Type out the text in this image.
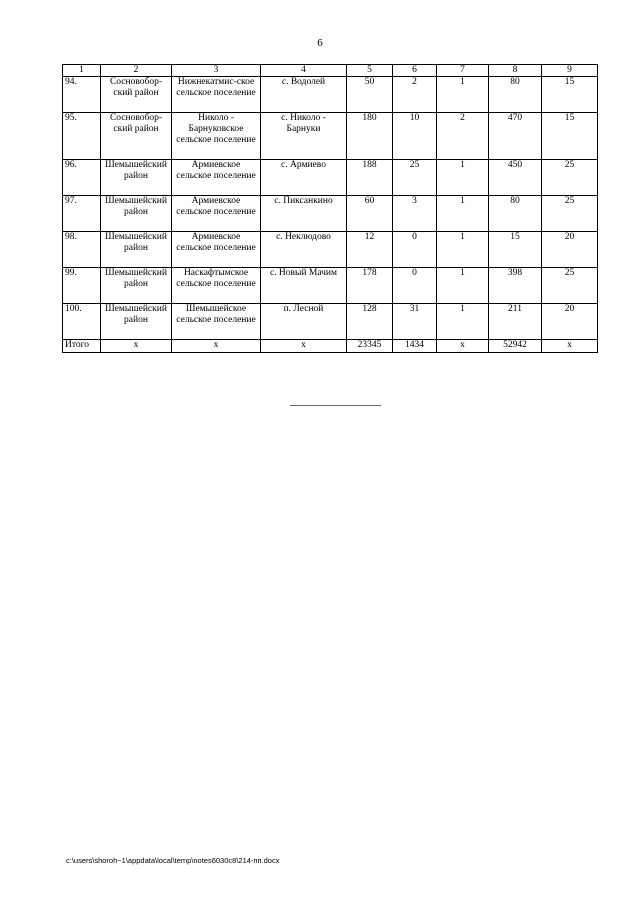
6
1	2	3	4	5	6	7	8	9
94.	Сосновобор-ский район	Нижнекатмис-ское сельское поселение	с. Водолей	50	2	1	80	15
95.	Сосновобор-ский район	Николо - Барнуковское сельское поселение	с. Николо - Барнуки	180	10	2	470	15
96.	Шемышейский район	Армиевское сельское поселение	с. Армиево	188	25	1	450	25
97.	Шемышейский район	Армиевское сельское поселение	с. Пиксанкино	60	3	1	80	25
98.	Шемышейский район	Армиевское сельское поселение	с. Неклюдово	12	0	1	15	20
99.	Шемышейский район	Наскафтымское сельское поселение	с. Новый Мачим	178	0	1	398	25
100.	Шемышейский район	Шемышейское сельское поселение	п. Лесной	128	31	1	211	20
Итого	х	х	х	23345	1434	х	52942	х
c:\users\shoroh~1\appdata\local\temp\notes6030c8\214-пп.docx
